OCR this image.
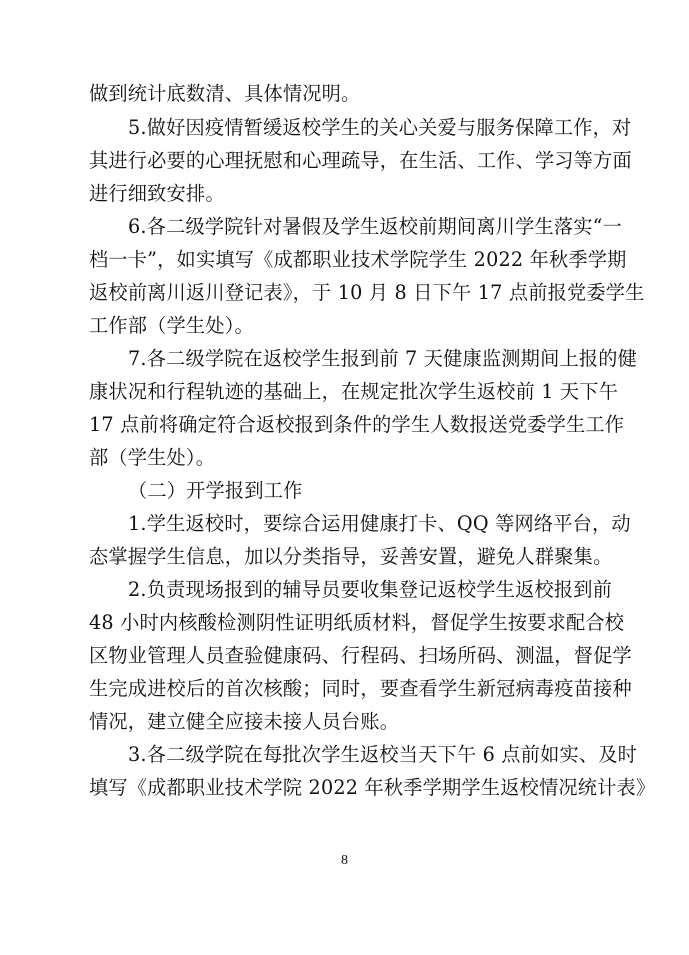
做到统计底数清、具体情况明。
5.做好因疫情暂缓返校学生的关心关爱与服务保障工作，对
其进行必要的心理抚慰和心理疏导，在生活、工作、学习等方面
进行细致安排。
6.各二级学院针对暑假及学生返校前期间离川学生落实“一
档一卡”，如实填写《成都职业技术学院学生 2022 年秋季学期
返校前离川返川登记表》，于 10 月 8 日下午 17 点前报党委学生
工作部（学生处）。
7.各二级学院在返校学生报到前 7 天健康监测期间上报的健
康状况和行程轨迹的基础上，在规定批次学生返校前 1 天下午
17 点前将确定符合返校报到条件的学生人数报送党委学生工作
部（学生处）。
（二）开学报到工作
1.学生返校时，要综合运用健康打卡、QQ 等网络平台，动
态掌握学生信息，加以分类指导，妥善安置，避免人群聚集。
2.负责现场报到的辅导员要收集登记返校学生返校报到前
48 小时内核酸检测阴性证明纸质材料，督促学生按要求配合校
区物业管理人员查验健康码、行程码、扫场所码、测温，督促学
生完成进校后的首次核酸；同时，要查看学生新冠病毒疫苗接种
情况，建立健全应接未接人员台账。
3.各二级学院在每批次学生返校当天下午 6 点前如实、及时
填写《成都职业技术学院 2022 年秋季学期学生返校情况统计表》
8
